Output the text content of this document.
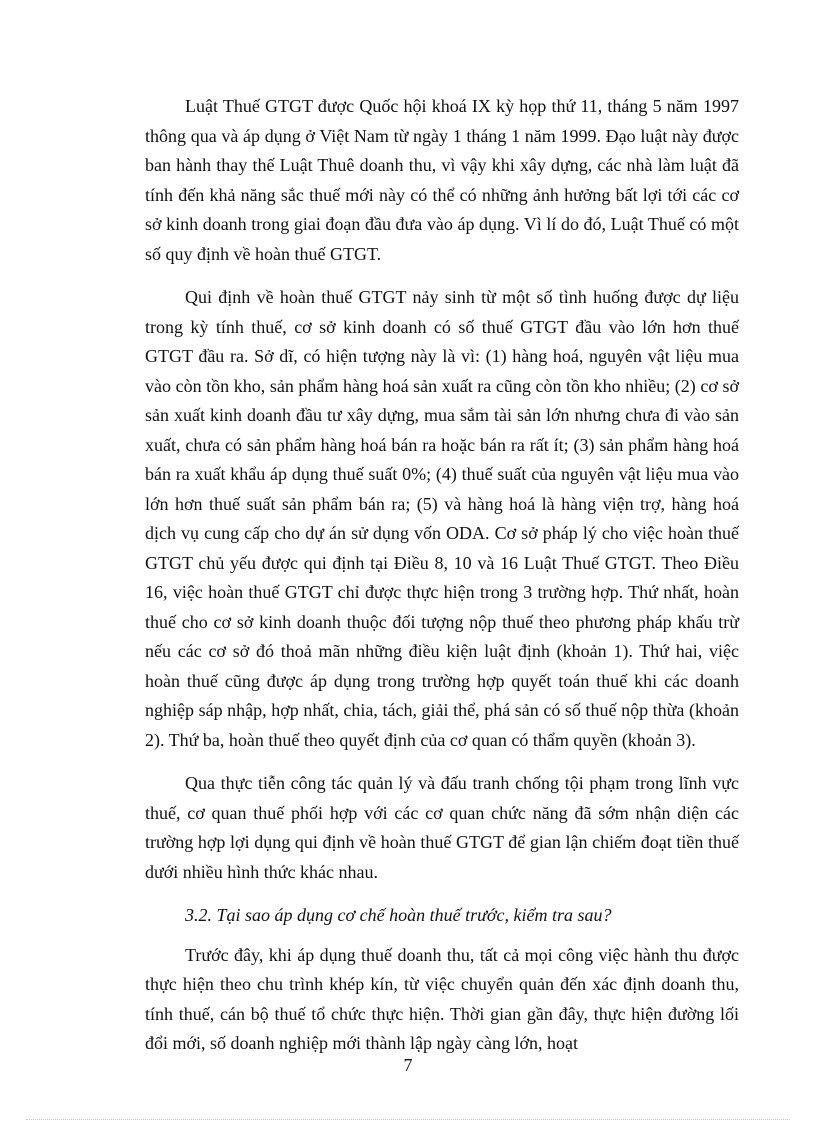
Luật Thuế GTGT được Quốc hội khoá IX kỳ họp thứ 11, tháng 5 năm 1997 thông qua và áp dụng ở Việt Nam từ ngày 1 tháng 1 năm 1999. Đạo luật này được ban hành thay thế Luật Thuê doanh thu, vì vậy khi xây dựng, các nhà làm luật đã tính đến khả năng sắc thuế mới này có thể có những ảnh hưởng bất lợi tới các cơ sở kinh doanh trong giai đoạn đầu đưa vào áp dụng. Vì lí do đó, Luật Thuế có một số quy định về hoàn thuế GTGT.

Qui định về hoàn thuế GTGT nảy sinh từ một số tình huống được dự liệu trong kỳ tính thuế, cơ sở kinh doanh có số thuế GTGT đầu vào lớn hơn thuế GTGT đầu ra. Sở dĩ, có hiện tượng này là vì: (1) hàng hoá, nguyên vật liệu mua vào còn tồn kho, sản phẩm hàng hoá sản xuất ra cũng còn tồn kho nhiều; (2) cơ sở sản xuất kinh doanh đầu tư xây dựng, mua sắm tài sản lớn nhưng chưa đi vào sản xuất, chưa có sản phẩm hàng hoá bán ra hoặc bán ra rất ít; (3) sản phẩm hàng hoá bán ra xuất khẩu áp dụng thuế suất 0%; (4) thuế suất của nguyên vật liệu mua vào lớn hơn thuế suất sản phẩm bán ra; (5) và hàng hoá là hàng viện trợ, hàng hoá dịch vụ cung cấp cho dự án sử dụng vốn ODA. Cơ sở pháp lý cho việc hoàn thuế GTGT chủ yếu được qui định tại Điều 8, 10 và 16 Luật Thuế GTGT. Theo Điều 16, việc hoàn thuế GTGT chỉ được thực hiện trong 3 trường hợp. Thứ nhất, hoàn thuế cho cơ sở kinh doanh thuộc đối tượng nộp thuế theo phương pháp khấu trừ nếu các cơ sở đó thoả mãn những điều kiện luật định (khoản 1). Thứ hai, việc hoàn thuế cũng được áp dụng trong trường hợp quyết toán thuế khi các doanh nghiệp sáp nhập, hợp nhất, chia, tách, giải thể, phá sản có số thuế nộp thừa (khoản 2). Thứ ba, hoàn thuế theo quyết định của cơ quan có thẩm quyền (khoản 3).

Qua thực tiễn công tác quản lý và đấu tranh chống tội phạm trong lĩnh vực thuế, cơ quan thuế phối hợp với các cơ quan chức năng đã sớm nhận diện các trường hợp lợi dụng qui định về hoàn thuế GTGT để gian lận chiếm đoạt tiền thuế dưới nhiều hình thức khác nhau.

3.2. Tại sao áp dụng cơ chế hoàn thuế trước, kiểm tra sau?

Trước đây, khi áp dụng thuế doanh thu, tất cả mọi công việc hành thu được thực hiện theo chu trình khép kín, từ việc chuyển quản đến xác định doanh thu, tính thuế, cán bộ thuế tổ chức thực hiện. Thời gian gần đây, thực hiện đường lối đổi mới, số doanh nghiệp mới thành lập ngày càng lớn, hoạt

7
